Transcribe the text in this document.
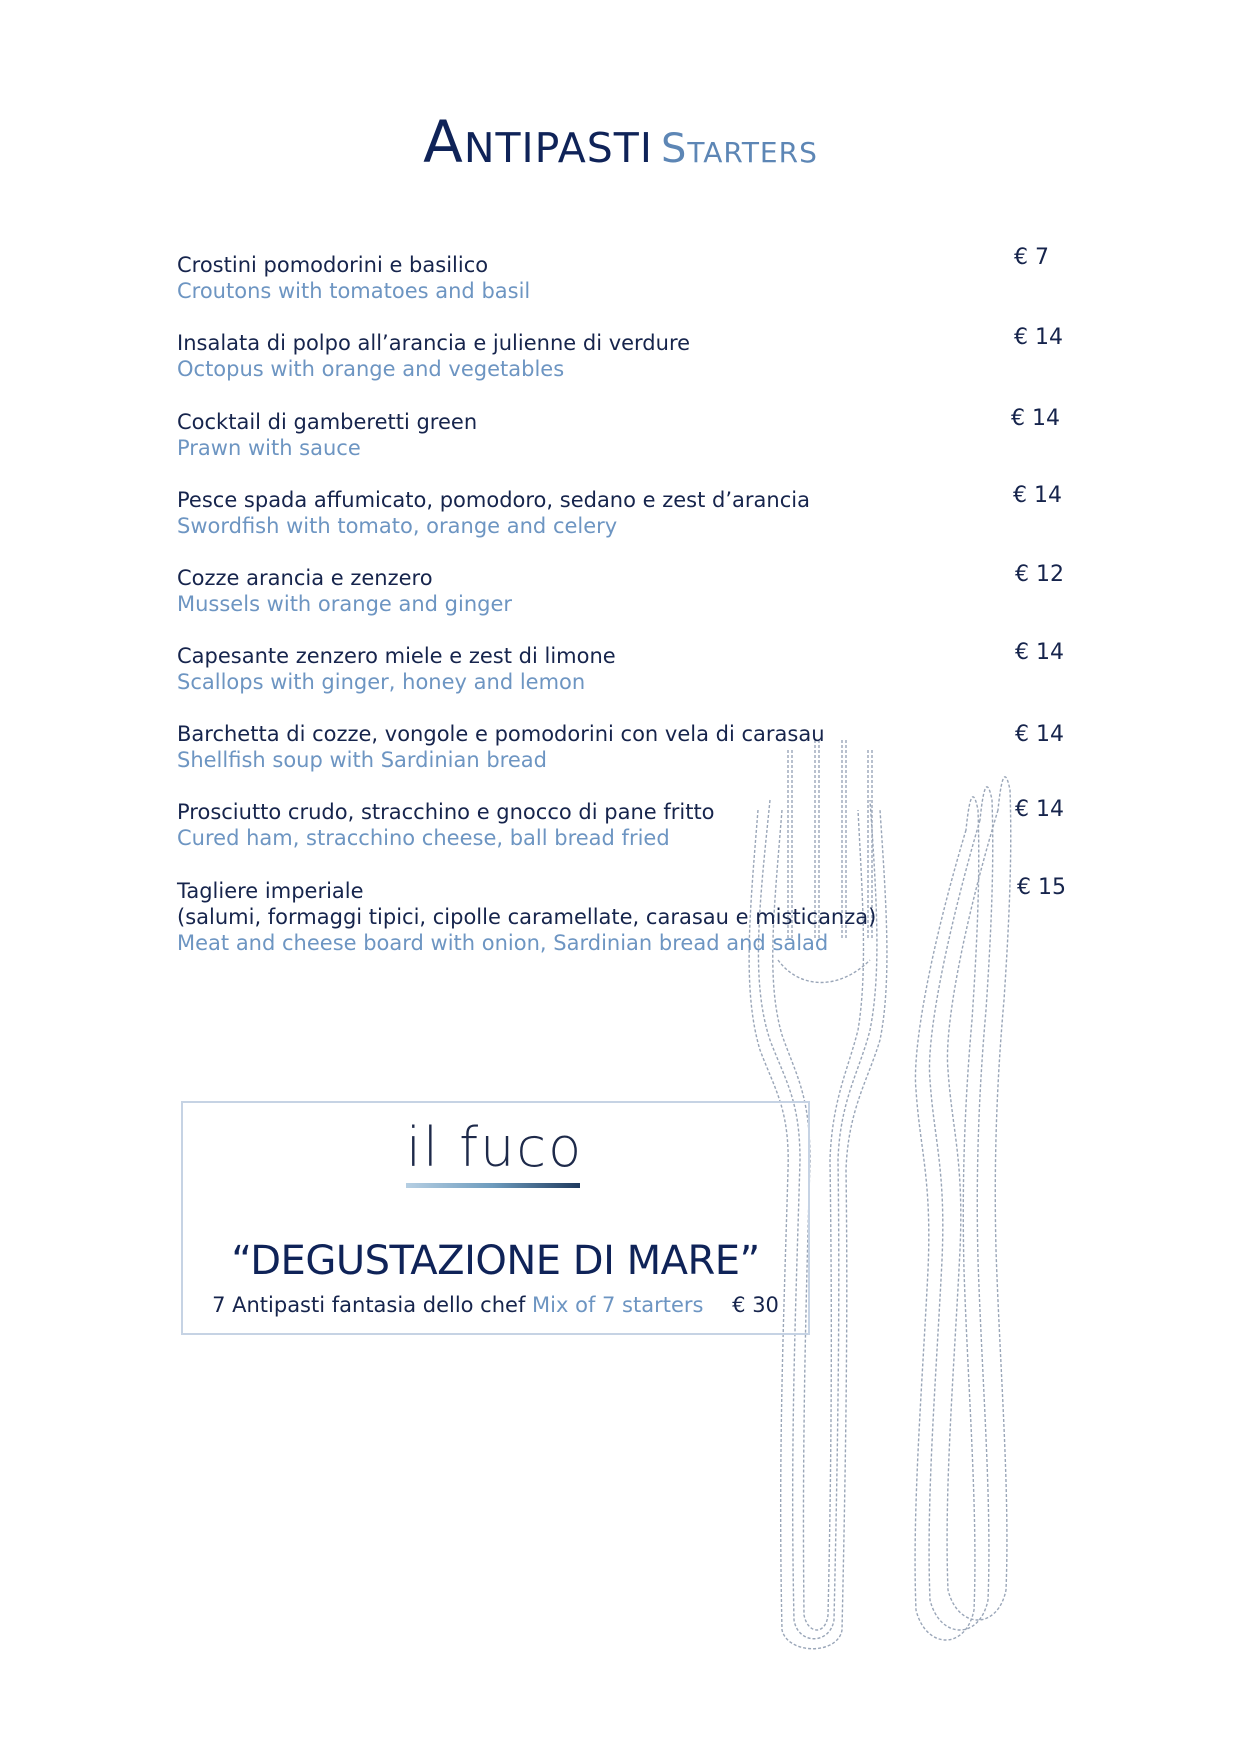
Antipasti Starters
Crostini pomodorini e basilico
Croutons with tomatoes and basil
€ 7
Insalata di polpo all’arancia e julienne di verdure
Octopus with orange and vegetables
€ 14
Cocktail di gamberetti green
Prawn with sauce
€ 14
Pesce spada affumicato, pomodoro, sedano e zest d’arancia
Swordfish with tomato, orange and celery
€ 14
Cozze arancia e zenzero
Mussels with orange and ginger
€ 12
Capesante zenzero miele e zest di limone
Scallops with ginger, honey and lemon
€ 14
Barchetta di cozze, vongole e pomodorini con vela di carasau
Shellfish soup with Sardinian bread
€ 14
Prosciutto crudo, stracchino e gnocco di pane fritto
Cured ham, stracchino cheese, ball bread fried
€ 14
Tagliere imperiale
(salumi, formaggi tipici, cipolle caramellate, carasau e misticanza)
Meat and cheese board with onion, Sardinian bread and salad
€ 15
il fuco
“DEGUSTAZIONE DI MARE”
7 Antipasti fantasia dello chef Mix of 7 starters € 30
